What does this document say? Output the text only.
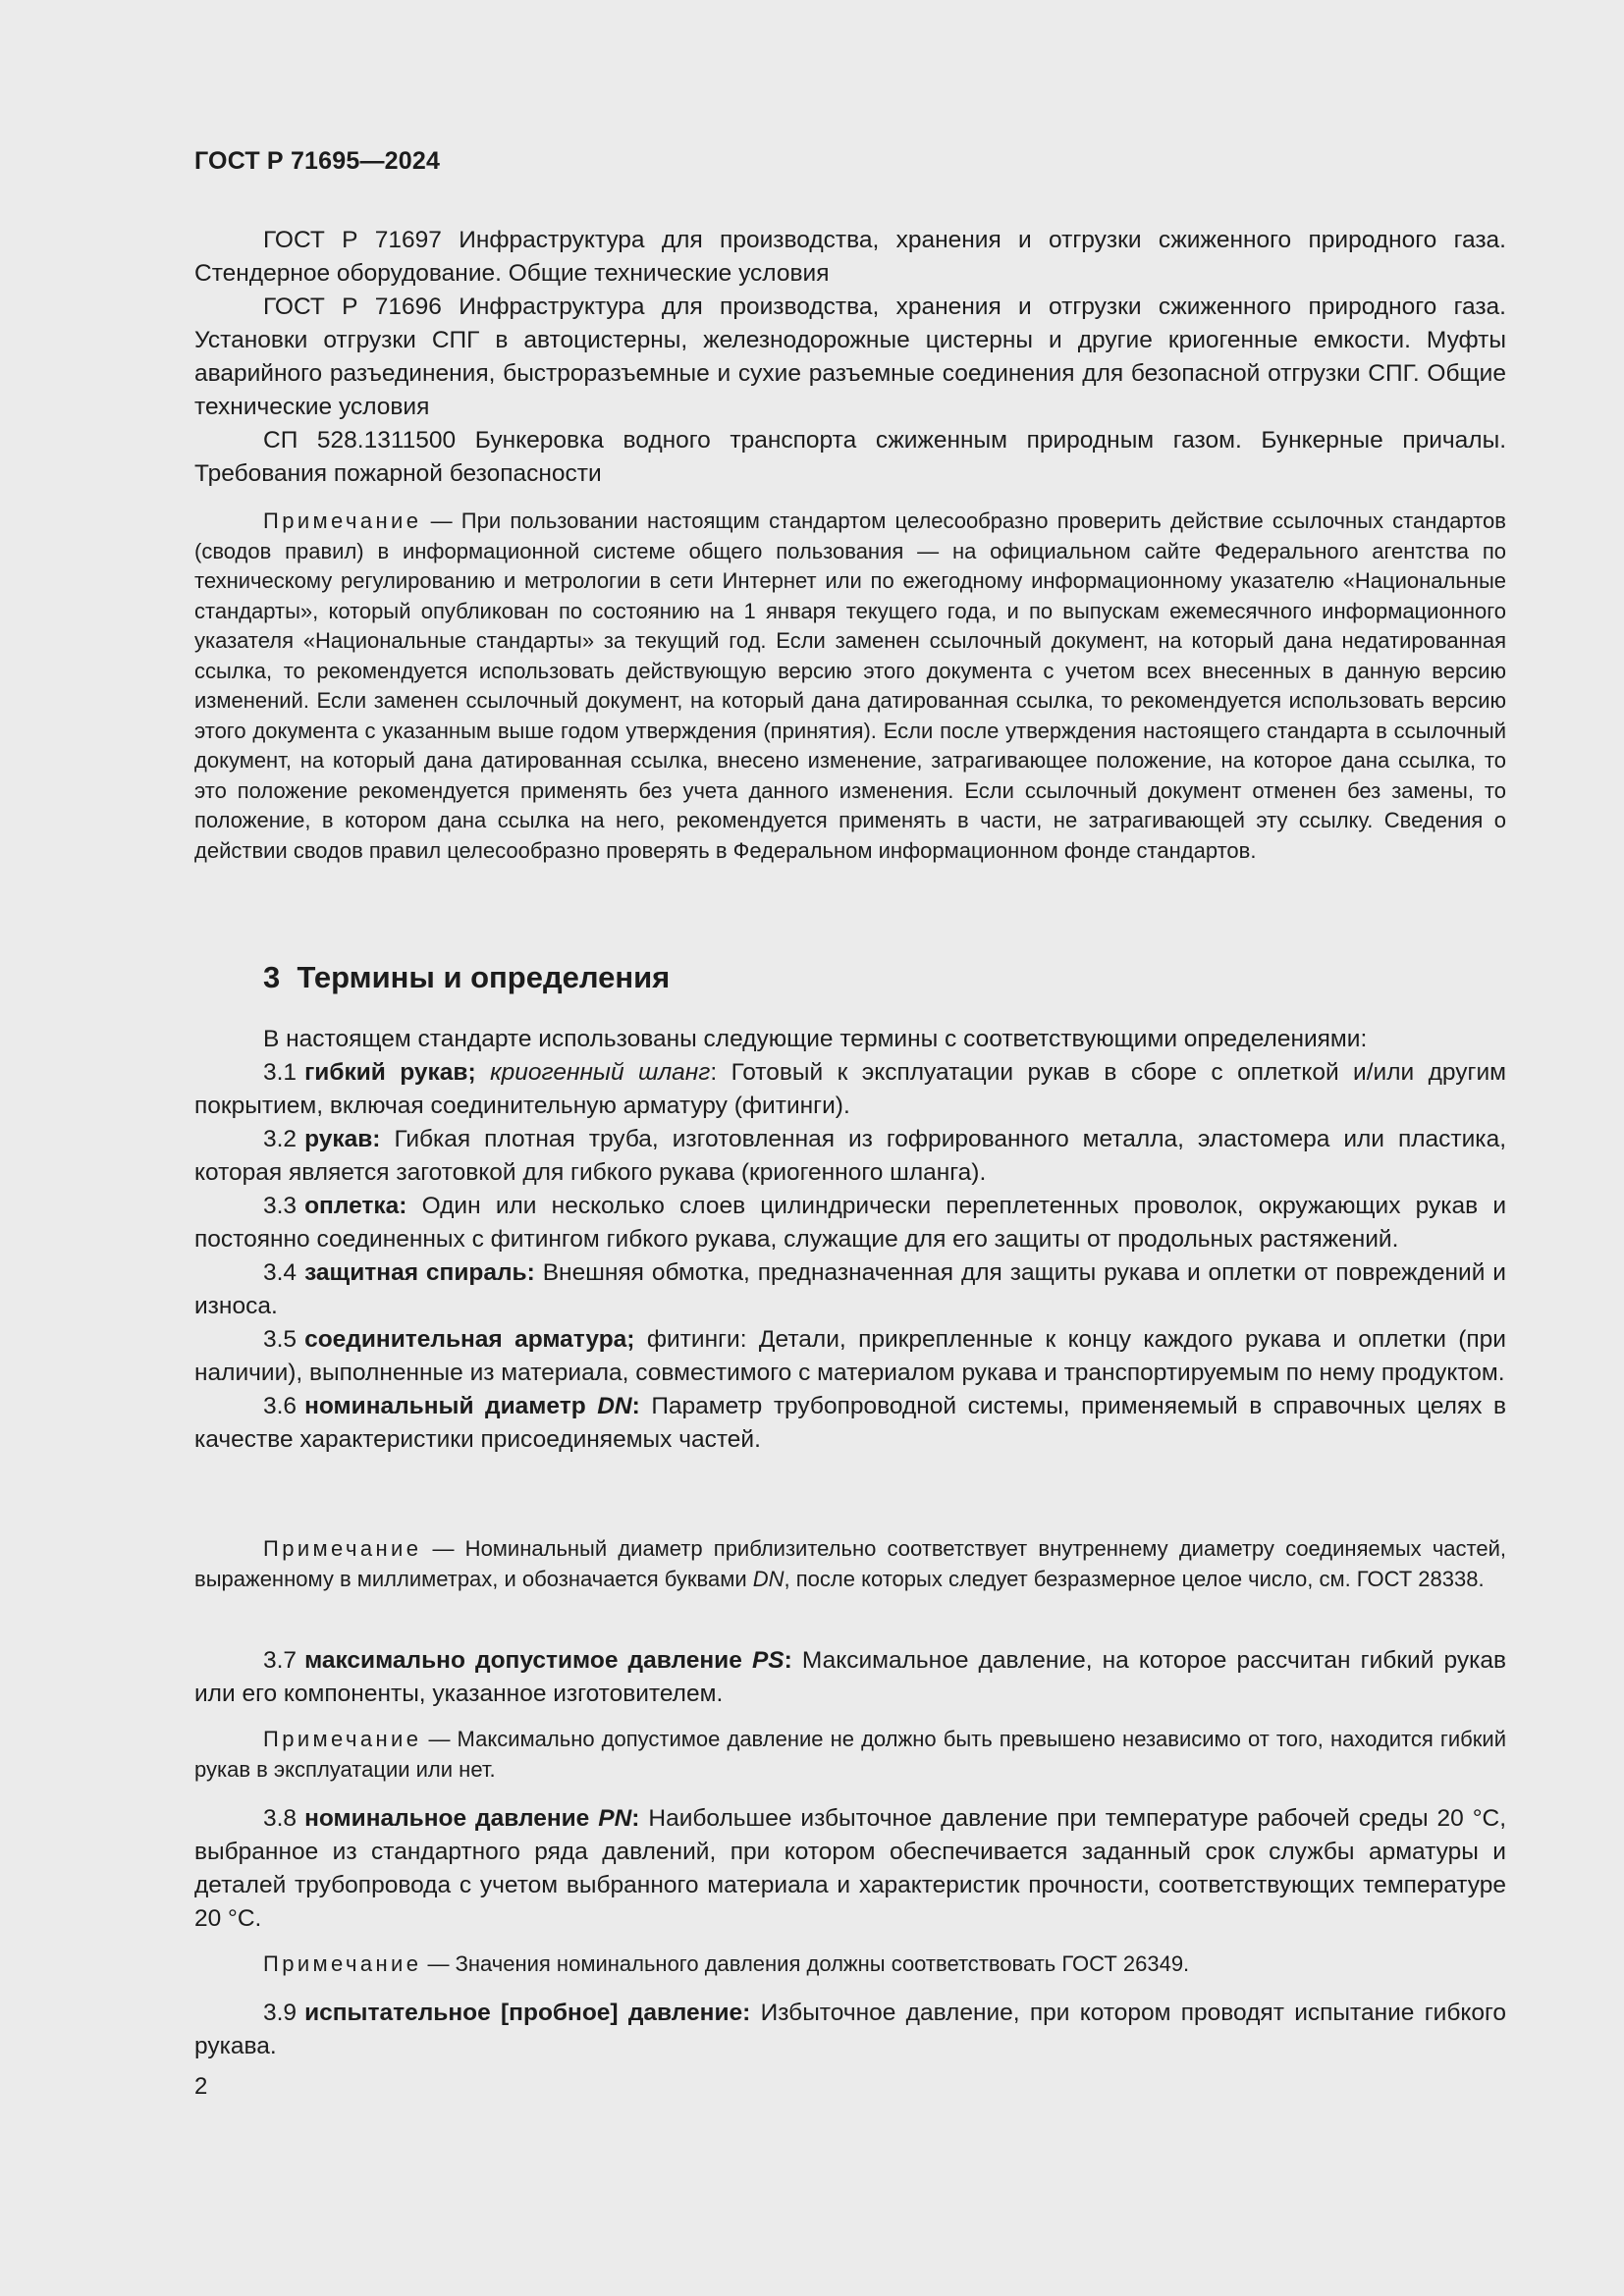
ГОСТ Р 71695—2024

ГОСТ Р 71697 Инфраструктура для производства, хранения и отгрузки сжиженного природного газа. Стендерное оборудование. Общие технические условия

ГОСТ Р 71696 Инфраструктура для производства, хранения и отгрузки сжиженного природного газа. Установки отгрузки СПГ в автоцистерны, железнодорожные цистерны и другие криогенные емкости. Муфты аварийного разъединения, быстроразъемные и сухие разъемные соединения для безопасной отгрузки СПГ. Общие технические условия

СП 528.1311500 Бункеровка водного транспорта сжиженным природным газом. Бункерные причалы. Требования пожарной безопасности

Примечание — При пользовании настоящим стандартом целесообразно проверить действие ссылочных стандартов (сводов правил) в информационной системе общего пользования — на официальном сайте Федерального агентства по техническому регулированию и метрологии в сети Интернет или по ежегодному информационному указателю «Национальные стандарты», который опубликован по состоянию на 1 января текущего года, и по выпускам ежемесячного информационного указателя «Национальные стандарты» за текущий год. Если заменен ссылочный документ, на который дана недатированная ссылка, то рекомендуется использовать действующую версию этого документа с учетом всех внесенных в данную версию изменений. Если заменен ссылочный документ, на который дана датированная ссылка, то рекомендуется использовать версию этого документа с указанным выше годом утверждения (принятия). Если после утверждения настоящего стандарта в ссылочный документ, на который дана датированная ссылка, внесено изменение, затрагивающее положение, на которое дана ссылка, то это положение рекомендуется применять без учета данного изменения. Если ссылочный документ отменен без замены, то положение, в котором дана ссылка на него, рекомендуется применять в части, не затрагивающей эту ссылку. Сведения о действии сводов правил целесообразно проверять в Федеральном информационном фонде стандартов.

3 Термины и определения

В настоящем стандарте использованы следующие термины с соответствующими определениями:

3.1 гибкий рукав; криогенный шланг: Готовый к эксплуатации рукав в сборе с оплеткой и/или другим покрытием, включая соединительную арматуру (фитинги).

3.2 рукав: Гибкая плотная труба, изготовленная из гофрированного металла, эластомера или пластика, которая является заготовкой для гибкого рукава (криогенного шланга).

3.3 оплетка: Один или несколько слоев цилиндрически переплетенных проволок, окружающих рукав и постоянно соединенных с фитингом гибкого рукава, служащие для его защиты от продольных растяжений.

3.4 защитная спираль: Внешняя обмотка, предназначенная для защиты рукава и оплетки от повреждений и износа.

3.5 соединительная арматура; фитинги: Детали, прикрепленные к концу каждого рукава и оплетки (при наличии), выполненные из материала, совместимого с материалом рукава и транспортируемым по нему продуктом.

3.6 номинальный диаметр DN: Параметр трубопроводной системы, применяемый в справочных целях в качестве характеристики присоединяемых частей.

Примечание — Номинальный диаметр приблизительно соответствует внутреннему диаметру соединяемых частей, выраженному в миллиметрах, и обозначается буквами DN, после которых следует безразмерное целое число, см. ГОСТ 28338.

3.7 максимально допустимое давление PS: Максимальное давление, на которое рассчитан гибкий рукав или его компоненты, указанное изготовителем.

Примечание — Максимально допустимое давление не должно быть превышено независимо от того, находится гибкий рукав в эксплуатации или нет.

3.8 номинальное давление PN: Наибольшее избыточное давление при температуре рабочей среды 20 °С, выбранное из стандартного ряда давлений, при котором обеспечивается заданный срок службы арматуры и деталей трубопровода с учетом выбранного материала и характеристик прочности, соответствующих температуре 20 °С.

Примечание — Значения номинального давления должны соответствовать ГОСТ 26349.

3.9 испытательное [пробное] давление: Избыточное давление, при котором проводят испытание гибкого рукава.

2
